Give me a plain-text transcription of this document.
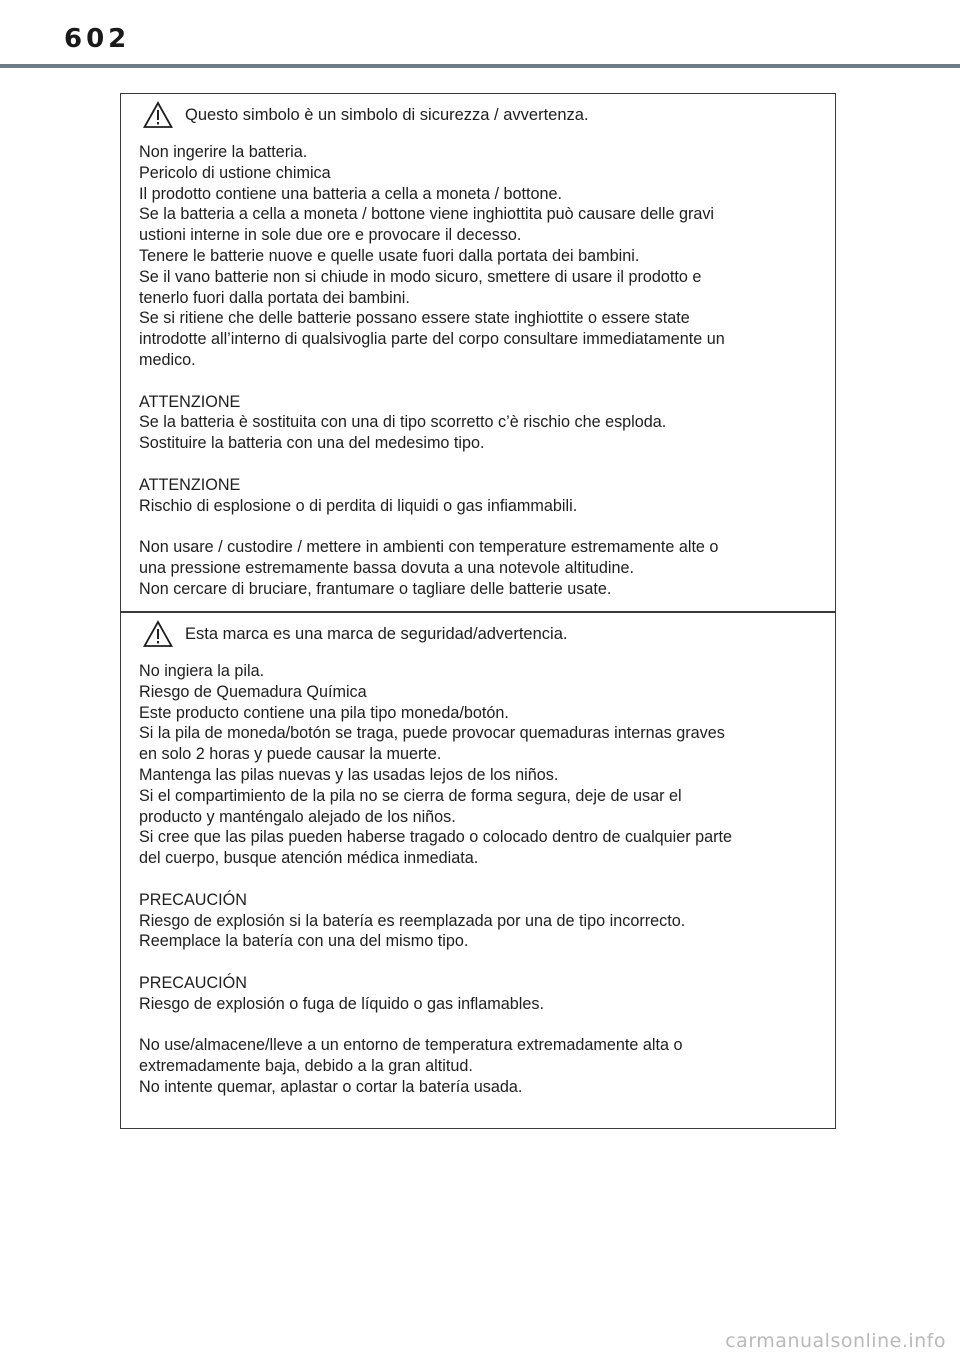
602
Questo simbolo è un simbolo di sicurezza / avvertenza.
Non ingerire la batteria.
Pericolo di ustione chimica
Il prodotto contiene una batteria a cella a moneta / bottone.
Se la batteria a cella a moneta / bottone viene inghiottita può causare delle gravi
ustioni interne in sole due ore e provocare il decesso.
Tenere le batterie nuove e quelle usate fuori dalla portata dei bambini.
Se il vano batterie non si chiude in modo sicuro, smettere di usare il prodotto e
tenerlo fuori dalla portata dei bambini.
Se si ritiene che delle batterie possano essere state inghiottite o essere state
introdotte all’interno di qualsivoglia parte del corpo consultare immediatamente un
medico.
ATTENZIONE
Se la batteria è sostituita con una di tipo scorretto c’è rischio che esploda.
Sostituire la batteria con una del medesimo tipo.
ATTENZIONE
Rischio di esplosione o di perdita di liquidi o gas infiammabili.
Non usare / custodire / mettere in ambienti con temperature estremamente alte o
una pressione estremamente bassa dovuta a una notevole altitudine.
Non cercare di bruciare, frantumare o tagliare delle batterie usate.
Esta marca es una marca de seguridad/advertencia.
No ingiera la pila.
Riesgo de Quemadura Química
Este producto contiene una pila tipo moneda/botón.
Si la pila de moneda/botón se traga, puede provocar quemaduras internas graves
en solo 2 horas y puede causar la muerte.
Mantenga las pilas nuevas y las usadas lejos de los niños.
Si el compartimiento de la pila no se cierra de forma segura, deje de usar el
producto y manténgalo alejado de los niños.
Si cree que las pilas pueden haberse tragado o colocado dentro de cualquier parte
del cuerpo, busque atención médica inmediata.
PRECAUCIÓN
Riesgo de explosión si la batería es reemplazada por una de tipo incorrecto.
Reemplace la batería con una del mismo tipo.
PRECAUCIÓN
Riesgo de explosión o fuga de líquido o gas inflamables.
No use/almacene/lleve a un entorno de temperatura extremadamente alta o
extremadamente baja, debido a la gran altitud.
No intente quemar, aplastar o cortar la batería usada.
carmanualsonline.info
